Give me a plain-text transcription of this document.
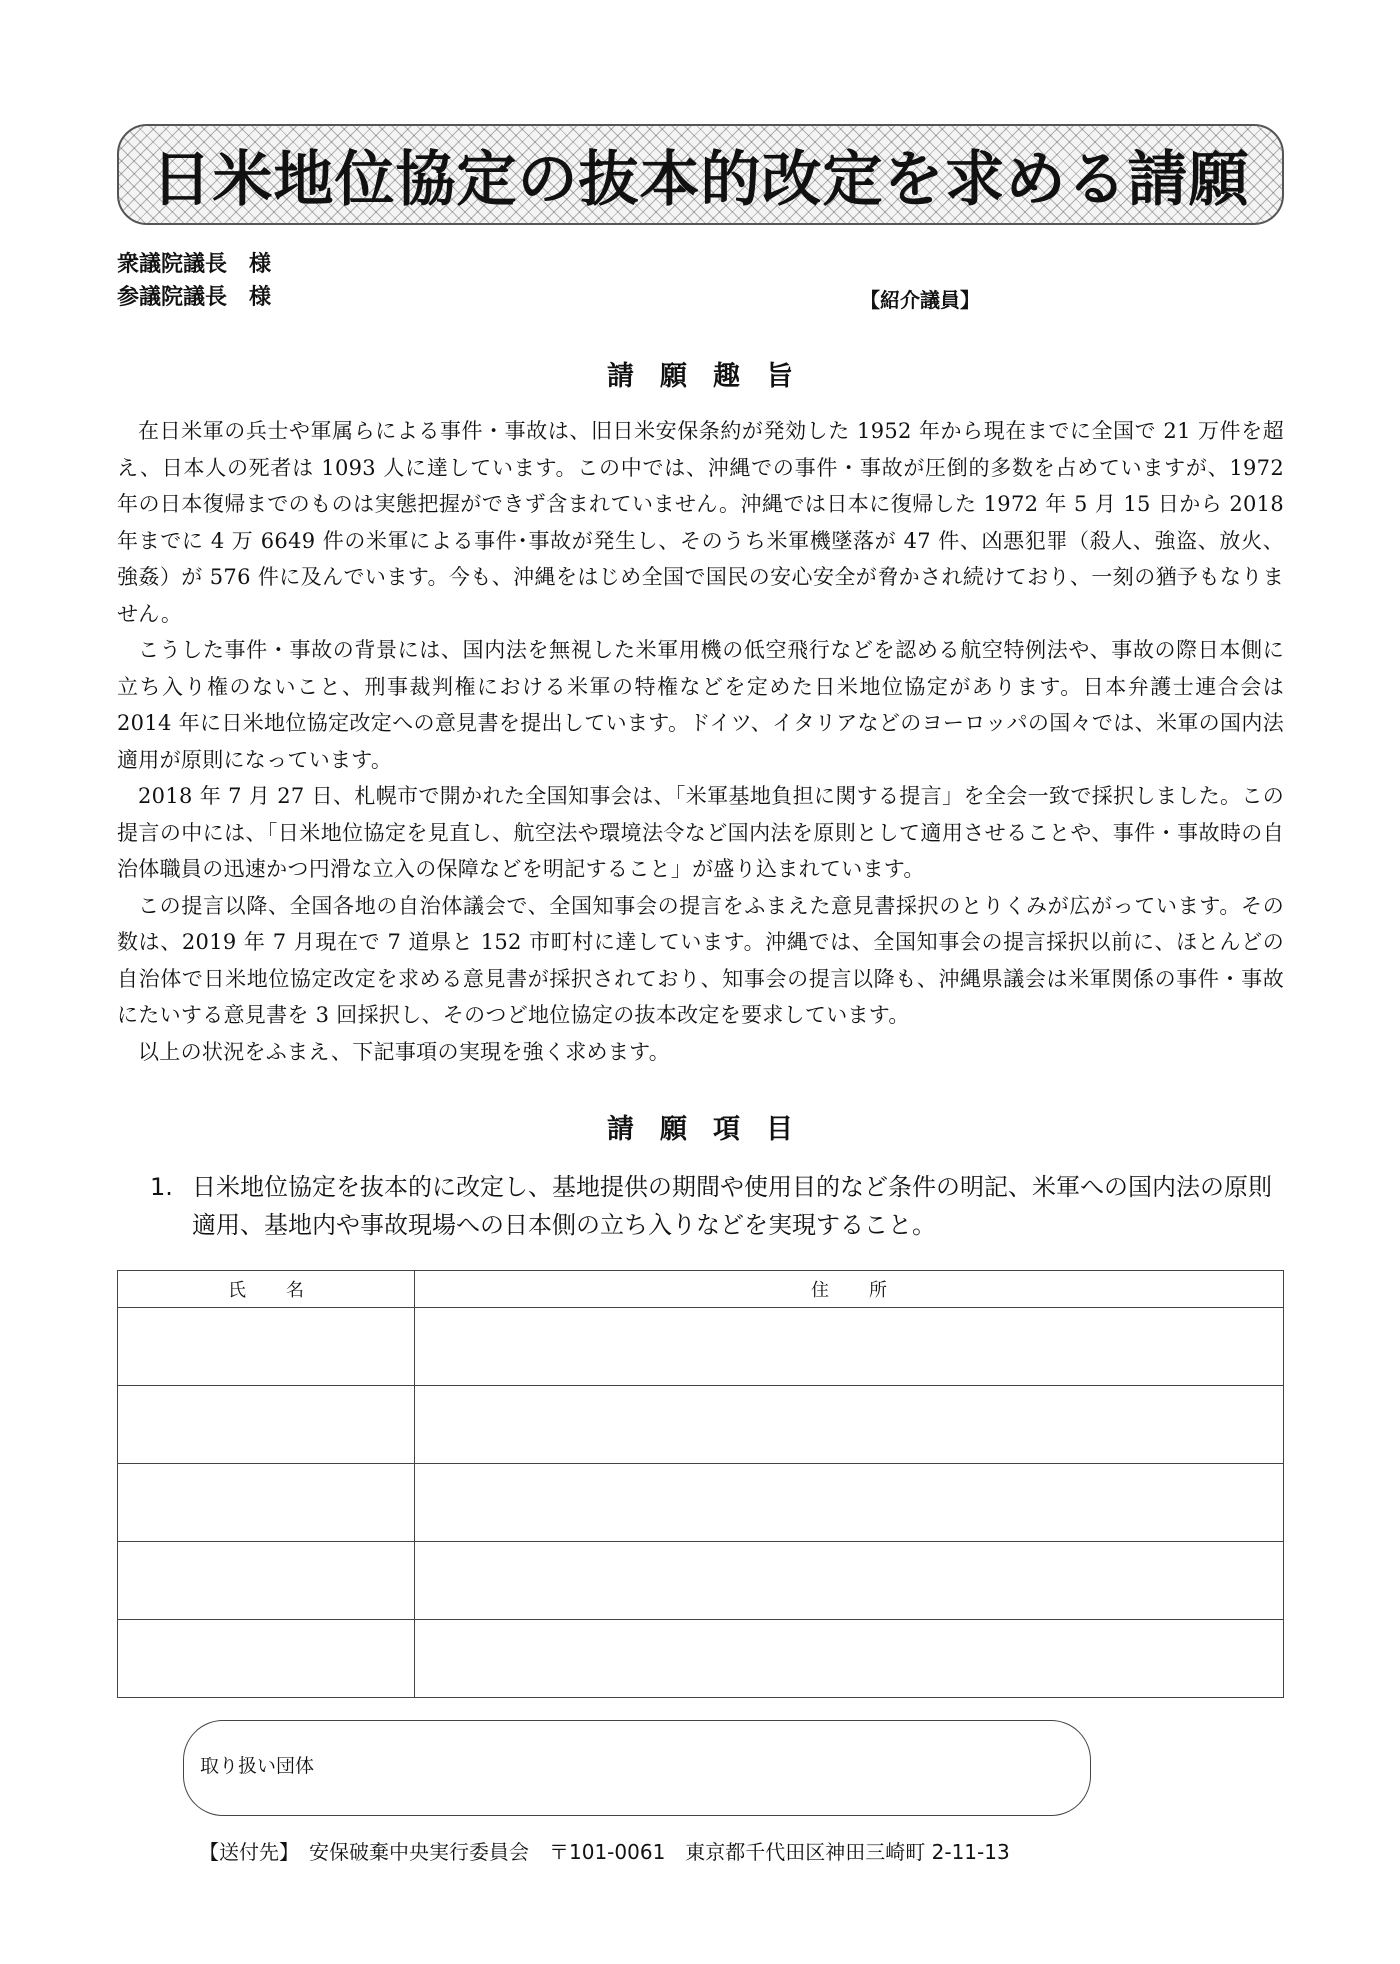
日米地位協定の抜本的改定を求める請願
衆議院議長　様
参議院議長　様	【紹介議員】
請願趣旨

在日米軍の兵士や軍属らによる事件・事故は、旧日米安保条約が発効した 1952 年から現在までに全国で 21 万件を超え、日本人の死者は 1093 人に達しています。この中では、沖縄での事件・事故が圧倒的多数を占めていますが、1972 年の日本復帰までのものは実態把握ができず含まれていません。沖縄では日本に復帰した 1972 年 5 月 15 日から 2018 年までに 4 万 6649 件の米軍による事件･事故が発生し、そのうち米軍機墜落が 47 件、凶悪犯罪（殺人、強盗、放火、強姦）が 576 件に及んでいます。今も、沖縄をはじめ全国で国民の安心安全が脅かされ続けており、一刻の猶予もなりません。

こうした事件・事故の背景には、国内法を無視した米軍用機の低空飛行などを認める航空特例法や、事故の際日本側に立ち入り権のないこと、刑事裁判権における米軍の特権などを定めた日米地位協定があります。日本弁護士連合会は 2014 年に日米地位協定改定への意見書を提出しています。ドイツ、イタリアなどのヨーロッパの国々では、米軍の国内法適用が原則になっています。

2018 年 7 月 27 日、札幌市で開かれた全国知事会は、「米軍基地負担に関する提言」を全会一致で採択しました。この提言の中には、「日米地位協定を見直し、航空法や環境法令など国内法を原則として適用させることや、事件・事故時の自治体職員の迅速かつ円滑な立入の保障などを明記すること」が盛り込まれています。

この提言以降、全国各地の自治体議会で、全国知事会の提言をふまえた意見書採択のとりくみが広がっています。その数は、2019 年 7 月現在で 7 道県と 152 市町村に達しています。沖縄では、全国知事会の提言採択以前に、ほとんどの自治体で日米地位協定改定を求める意見書が採択されており、知事会の提言以降も、沖縄県議会は米軍関係の事件・事故にたいする意見書を 3 回採択し、そのつど地位協定の抜本改定を要求しています。

以上の状況をふまえ、下記事項の実現を強く求めます。

請願項目
1. 日米地位協定を抜本的に改定し、基地提供の期間や使用目的など条件の明記、米軍への国内法の原則適用、基地内や事故現場への日本側の立ち入りなどを実現すること。
氏名	住所

取り扱い団体
【送付先】　安保破棄中央実行委員会　〒101-0061　東京都千代田区神田三崎町 2-11-13
